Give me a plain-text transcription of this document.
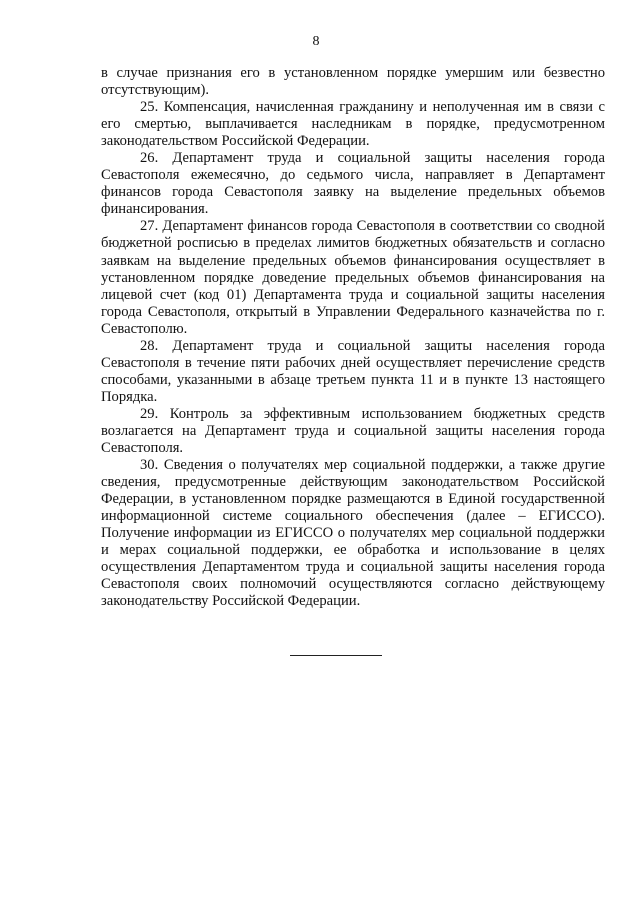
8

в случае признания его в установленном порядке умершим или безвестно отсутствующим).

25. Компенсация, начисленная гражданину и неполученная им в связи с его смертью, выплачивается наследникам в порядке, предусмотренном законодательством Российской Федерации.

26. Департамент труда и социальной защиты населения города Севастополя ежемесячно, до седьмого числа, направляет в Департамент финансов города Севастополя заявку на выделение предельных объемов финансирования.

27. Департамент финансов города Севастополя в соответствии со сводной бюджетной росписью в пределах лимитов бюджетных обязательств и согласно заявкам на выделение предельных объемов финансирования осуществляет в установленном порядке доведение предельных объемов финансирования на лицевой счет (код 01) Департамента труда и социальной защиты населения города Севастополя, открытый в Управлении Федерального казначейства по г. Севастополю.

28. Департамент труда и социальной защиты населения города Севастополя в течение пяти рабочих дней осуществляет перечисление средств способами, указанными в абзаце третьем пункта 11 и в пункте 13 настоящего Порядка.

29. Контроль за эффективным использованием бюджетных средств возлагается на Департамент труда и социальной защиты населения города Севастополя.

30. Сведения о получателях мер социальной поддержки, а также другие сведения, предусмотренные действующим законодательством Российской Федерации, в установленном порядке размещаются в Единой государственной информационной системе социального обеспечения (далее – ЕГИССО). Получение информации из ЕГИССО о получателях мер социальной поддержки и мерах социальной поддержки, ее обработка и использование в целях осуществления Департаментом труда и социальной защиты населения города Севастополя своих полномочий осуществляются согласно действующему законодательству Российской Федерации.
